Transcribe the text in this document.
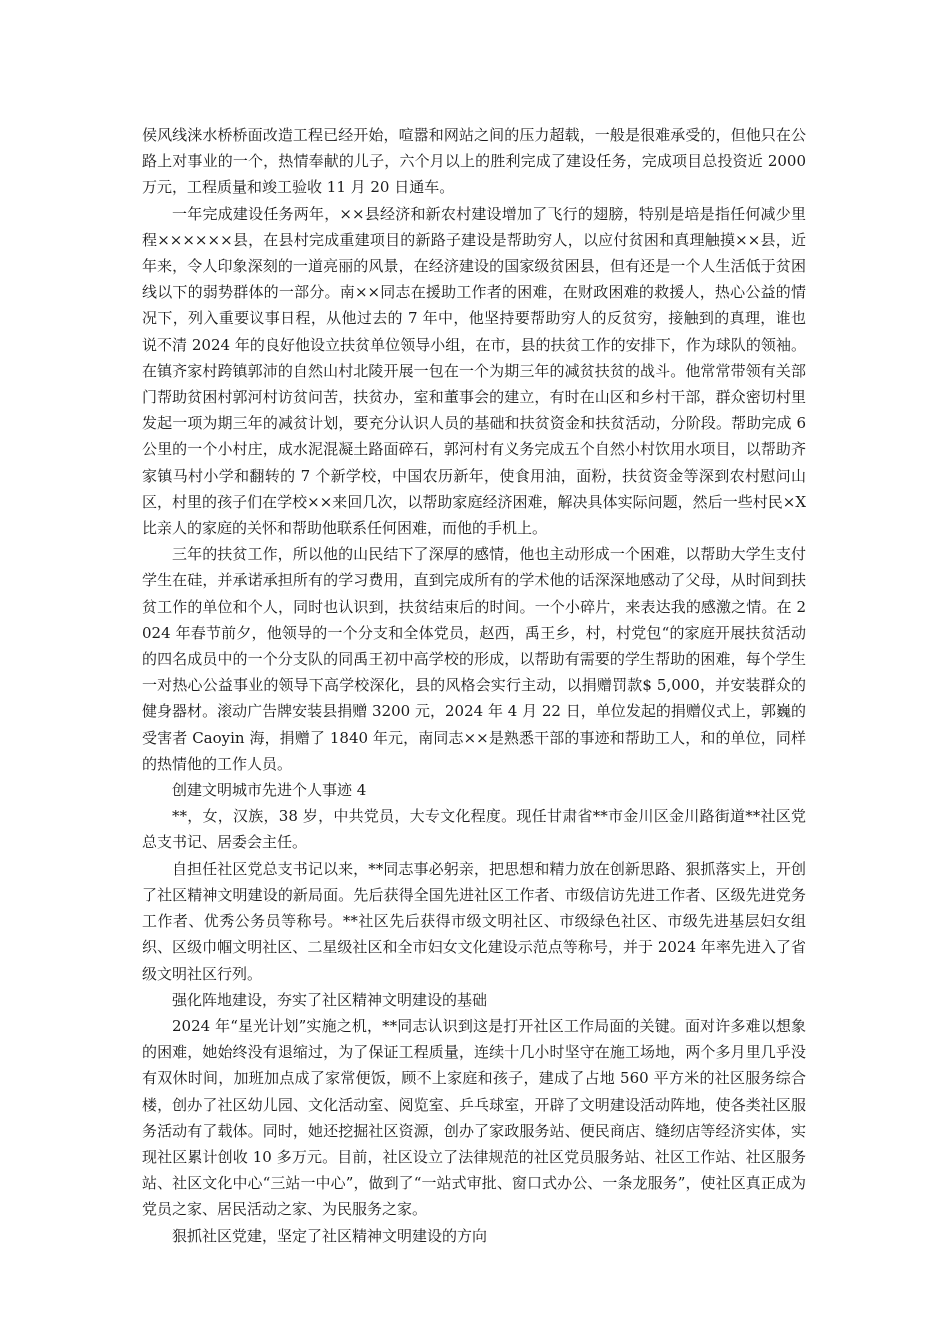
侯风线涞水桥桥面改造工程已经开始，喧嚣和网站之间的压力超载，一般是很难承受的，但他只在公路上对事业的一个，热情奉献的儿子，六个月以上的胜利完成了建设任务，完成项目总投资近 2000 万元，工程质量和竣工验收 11 月 20 日通车。

一年完成建设任务两年，××县经济和新农村建设增加了飞行的翅膀，特别是培是指任何减少里程××××××县，在县村完成重建项目的新路子建设是帮助穷人，以应付贫困和真理触摸××县，近年来，令人印象深刻的一道亮丽的风景，在经济建设的国家级贫困县，但有还是一个人生活低于贫困线以下的弱势群体的一部分。南××同志在援助工作者的困难，在财政困难的救援人，热心公益的情况下，列入重要议事日程，从他过去的 7 年中，他坚持要帮助穷人的反贫穷，接触到的真理，谁也说不清 2024 年的良好他设立扶贫单位领导小组，在市，县的扶贫工作的安排下，作为球队的领袖。在镇齐家村跨镇郭沛的自然山村北陵开展一包在一个为期三年的减贫扶贫的战斗。他常常带领有关部门帮助贫困村郭河村访贫问苦，扶贫办，室和董事会的建立，有时在山区和乡村干部，群众密切村里发起一项为期三年的减贫计划，要充分认识人员的基础和扶贫资金和扶贫活动，分阶段。帮助完成 6 公里的一个小村庄，成水泥混凝土路面碎石，郭河村有义务完成五个自然小村饮用水项目，以帮助齐家镇马村小学和翻转的 7 个新学校，中国农历新年，使食用油，面粉，扶贫资金等深到农村慰问山区，村里的孩子们在学校××来回几次，以帮助家庭经济困难，解决具体实际问题，然后一些村民×X 比亲人的家庭的关怀和帮助他联系任何困难，而他的手机上。

三年的扶贫工作，所以他的山民结下了深厚的感情，他也主动形成一个困难，以帮助大学生支付学生在硅，并承诺承担所有的学习费用，直到完成所有的学术他的话深深地感动了父母，从时间到扶贫工作的单位和个人，同时也认识到，扶贫结束后的时间。一个小碎片，来表达我的感激之情。在 2024 年春节前夕，他领导的一个分支和全体党员，赵西，禹王乡，村，村党包“的家庭开展扶贫活动的四名成员中的一个分支队的同禹王初中高学校的形成，以帮助有需要的学生帮助的困难，每个学生一对热心公益事业的领导下高学校深化，县的风格会实行主动，以捐赠罚款$ 5,000，并安装群众的健身器材。滚动广告牌安装县捐赠 3200 元，2024 年 4 月 22 日，单位发起的捐赠仪式上，郭巍的受害者 Caoyin 海，捐赠了 1840 年元，南同志××是熟悉干部的事迹和帮助工人，和的单位，同样的热情他的工作人员。

创建文明城市先进个人事迹 4

**，女，汉族，38 岁，中共党员，大专文化程度。现任甘肃省**市金川区金川路街道**社区党总支书记、居委会主任。

自担任社区党总支书记以来，**同志事必躬亲，把思想和精力放在创新思路、狠抓落实上，开创了社区精神文明建设的新局面。先后获得全国先进社区工作者、市级信访先进工作者、区级先进党务工作者、优秀公务员等称号。**社区先后获得市级文明社区、市级绿色社区、市级先进基层妇女组织、区级巾帼文明社区、二星级社区和全市妇女文化建设示范点等称号，并于 2024 年率先进入了省级文明社区行列。

强化阵地建设，夯实了社区精神文明建设的基础

2024 年“星光计划”实施之机，**同志认识到这是打开社区工作局面的关键。面对许多难以想象的困难，她始终没有退缩过，为了保证工程质量，连续十几小时坚守在施工场地，两个多月里几乎没有双休时间，加班加点成了家常便饭，顾不上家庭和孩子，建成了占地 560 平方米的社区服务综合楼，创办了社区幼儿园、文化活动室、阅览室、乒乓球室，开辟了文明建设活动阵地，使各类社区服务活动有了载体。同时，她还挖掘社区资源，创办了家政服务站、便民商店、缝纫店等经济实体，实现社区累计创收 10 多万元。目前，社区设立了法律规范的社区党员服务站、社区工作站、社区服务站、社区文化中心“三站一中心”，做到了“一站式审批、窗口式办公、一条龙服务”，使社区真正成为党员之家、居民活动之家、为民服务之家。

狠抓社区党建，坚定了社区精神文明建设的方向
